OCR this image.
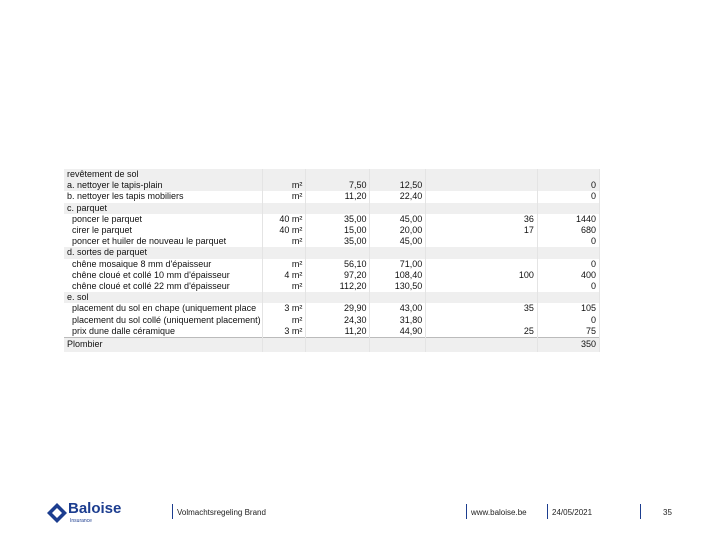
revêtement de sol					
a. nettoyer le tapis-plain	m²	7,50	12,50		0
b. nettoyer les tapis mobiliers	m²	11,20	22,40		0
c. parquet					
poncer le parquet	40 m²	35,00	45,00	36	1440
cirer le parquet	40 m²	15,00	20,00	17	680
poncer et huiler de nouveau le parquet	m²	35,00	45,00		0
d. sortes de parquet					
chêne mosaique 8 mm d'épaisseur	m²	56,10	71,00		0
chêne cloué et collé 10 mm d'épaisseur	4 m²	97,20	108,40	100	400
chêne cloué et collé 22 mm d'épaisseur	m²	112,20	130,50		0
e. sol					
placement du sol en chape (uniquement place	3 m²	29,90	43,00	35	105
placement du sol collé (uniquement placement)	m²	24,30	31,80		0
prix dune dalle céramique	3 m²	11,20	44,90	25	75
Plombier					350
Baloise
Insurance
Volmachtsregeling Brand	www.baloise.be	24/05/2021	35
